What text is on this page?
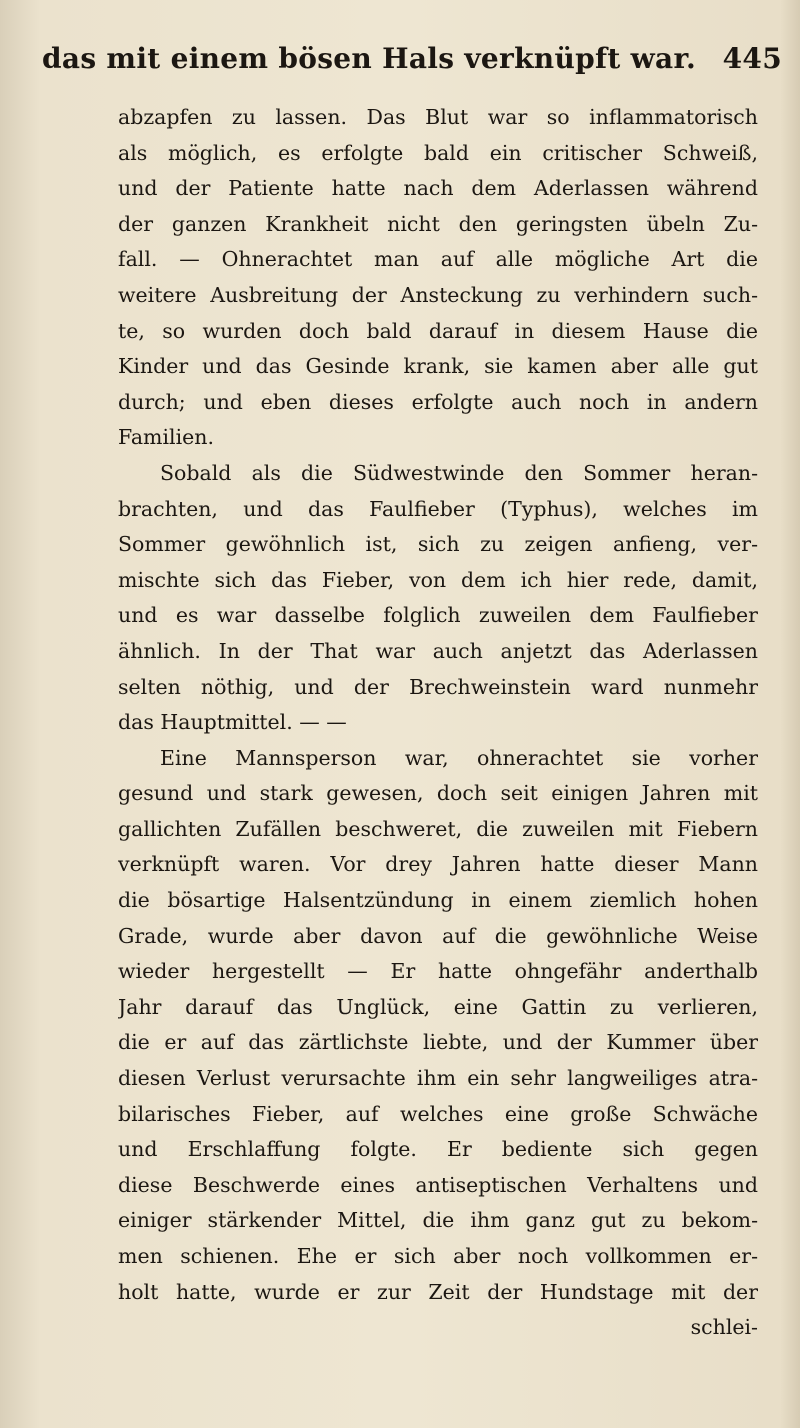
das mit einem bösen Hals verknüpft war. 445
abzapfen zu lassen. Das Blut war so inflammatorisch
als möglich, es erfolgte bald ein critischer Schweiß,
und der Patiente hatte nach dem Aderlassen während
der ganzen Krankheit nicht den geringsten übeln Zu-
fall. — Ohnerachtet man auf alle mögliche Art die
weitere Ausbreitung der Ansteckung zu verhindern such-
te, so wurden doch bald darauf in diesem Hause die
Kinder und das Gesinde krank, sie kamen aber alle gut
durch; und eben dieses erfolgte auch noch in andern
Familien.
Sobald als die Südwestwinde den Sommer heran-
brachten, und das Faulfieber (Typhus), welches im
Sommer gewöhnlich ist, sich zu zeigen anfieng, ver-
mischte sich das Fieber, von dem ich hier rede, damit,
und es war dasselbe folglich zuweilen dem Faulfieber
ähnlich. In der That war auch anjetzt das Aderlassen
selten nöthig, und der Brechweinstein ward nunmehr
das Hauptmittel. — —
Eine Mannsperson war, ohnerachtet sie vorher
gesund und stark gewesen, doch seit einigen Jahren mit
gallichten Zufällen beschweret, die zuweilen mit Fiebern
verknüpft waren. Vor drey Jahren hatte dieser Mann
die bösartige Halsentzündung in einem ziemlich hohen
Grade, wurde aber davon auf die gewöhnliche Weise
wieder hergestellt — Er hatte ohngefähr anderthalb
Jahr darauf das Unglück, eine Gattin zu verlieren,
die er auf das zärtlichste liebte, und der Kummer über
diesen Verlust verursachte ihm ein sehr langweiliges atra-
bilarisches Fieber, auf welches eine große Schwäche
und Erschlaffung folgte. Er bediente sich gegen
diese Beschwerde eines antiseptischen Verhaltens und
einiger stärkender Mittel, die ihm ganz gut zu bekom-
men schienen. Ehe er sich aber noch vollkommen er-
holt hatte, wurde er zur Zeit der Hundstage mit der
schlei-
